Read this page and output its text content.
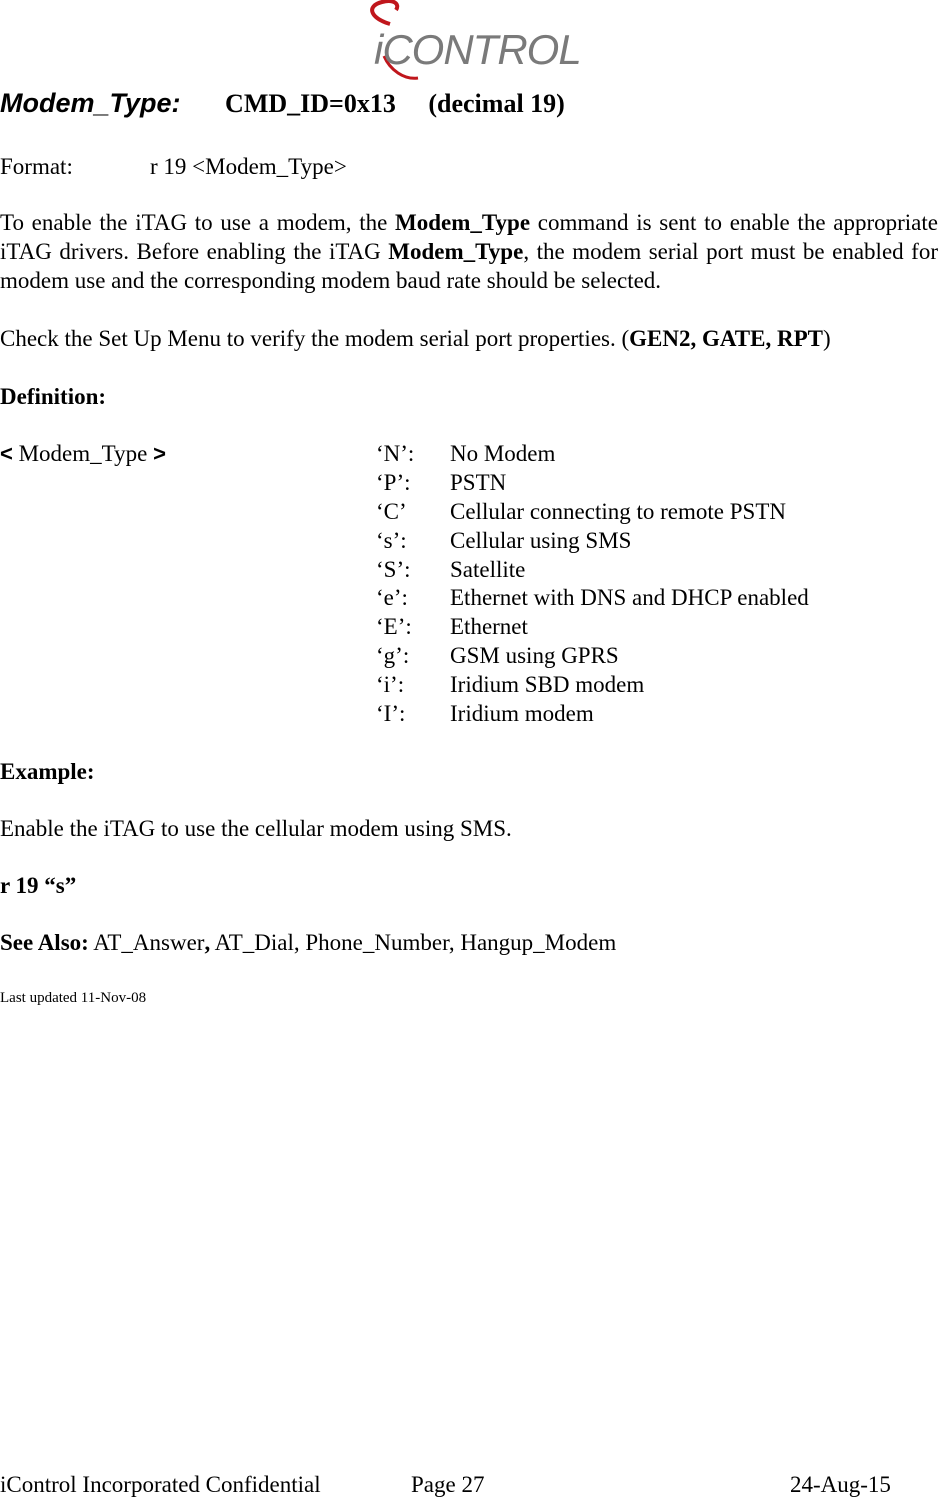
iCONTROL
Modem_Type: CMD_ID=0x13 (decimal 19)
Format:	r 19 <Modem_Type>
To enable the iTAG to use a modem, the Modem_Type command is sent to enable the appropriate iTAG drivers. Before enabling the iTAG Modem_Type, the modem serial port must be enabled for modem use and the corresponding modem baud rate should be selected.
Check the Set Up Menu to verify the modem serial port properties. (GEN2, GATE, RPT)
Definition:
< Modem_Type >	‘N’: No Modem
‘P’: PSTN
‘C’ Cellular connecting to remote PSTN
‘s’: Cellular using SMS
‘S’: Satellite
‘e’: Ethernet with DNS and DHCP enabled
‘E’: Ethernet
‘g’: GSM using GPRS
‘i’: Iridium SBD modem
‘I’: Iridium modem
Example:
Enable the iTAG to use the cellular modem using SMS.
r 19 “s”
See Also: AT_Answer, AT_Dial, Phone_Number, Hangup_Modem
Last updated 11-Nov-08
iControl Incorporated Confidential	Page 27	24-Aug-15
